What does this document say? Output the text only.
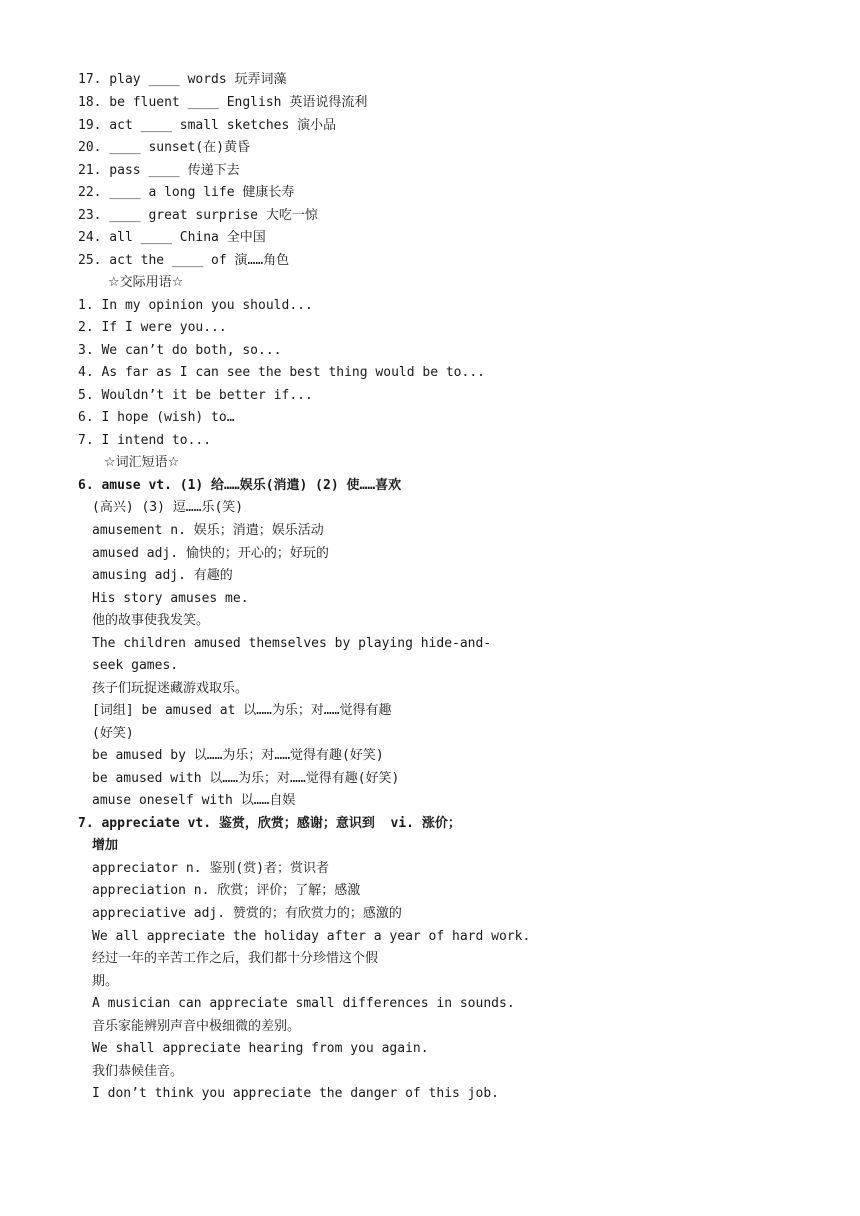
17. play ____ words 玩弄词藻
18. be fluent ____ English 英语说得流利
19. act ____ small sketches 演小品
20. ____ sunset(在)黄昏
21. pass ____ 传递下去
22. ____ a long life 健康长寿
23. ____ great surprise 大吃一惊
24. all ____ China 全中国
25. act the ____ of 演……角色
☆交际用语☆
1. In my opinion you should...
2. If I were you...
3. We can’t do both, so...
4. As far as I can see the best thing would be to...
5. Wouldn’t it be better if...
6. I hope (wish) to…
7. I intend to...
☆词汇短语☆
6. amuse vt. (1) 给……娱乐(消遣) (2) 使……喜欢
(高兴) (3) 逗……乐(笑)
amusement n. 娱乐；消遣；娱乐活动
amused adj. 愉快的；开心的；好玩的
amusing adj. 有趣的
His story amuses me.
他的故事使我发笑。
The children amused themselves by playing hide-and-
seek games.
孩子们玩捉迷藏游戏取乐。
[词组] be amused at 以……为乐；对……觉得有趣
(好笑)
be amused by 以……为乐；对……觉得有趣(好笑)
be amused with 以……为乐；对……觉得有趣(好笑)
amuse oneself with 以……自娱
7. appreciate vt. 鉴赏，欣赏；感谢；意识到  vi. 涨价；
增加
appreciator n. 鉴别(赏)者；赏识者
appreciation n. 欣赏；评价；了解；感激
appreciative adj. 赞赏的；有欣赏力的；感激的
We all appreciate the holiday after a year of hard work.
经过一年的辛苦工作之后，我们都十分珍惜这个假
期。
A musician can appreciate small differences in sounds.
音乐家能辨别声音中极细微的差别。
We shall appreciate hearing from you again.
我们恭候佳音。
I don’t think you appreciate the danger of this job.
